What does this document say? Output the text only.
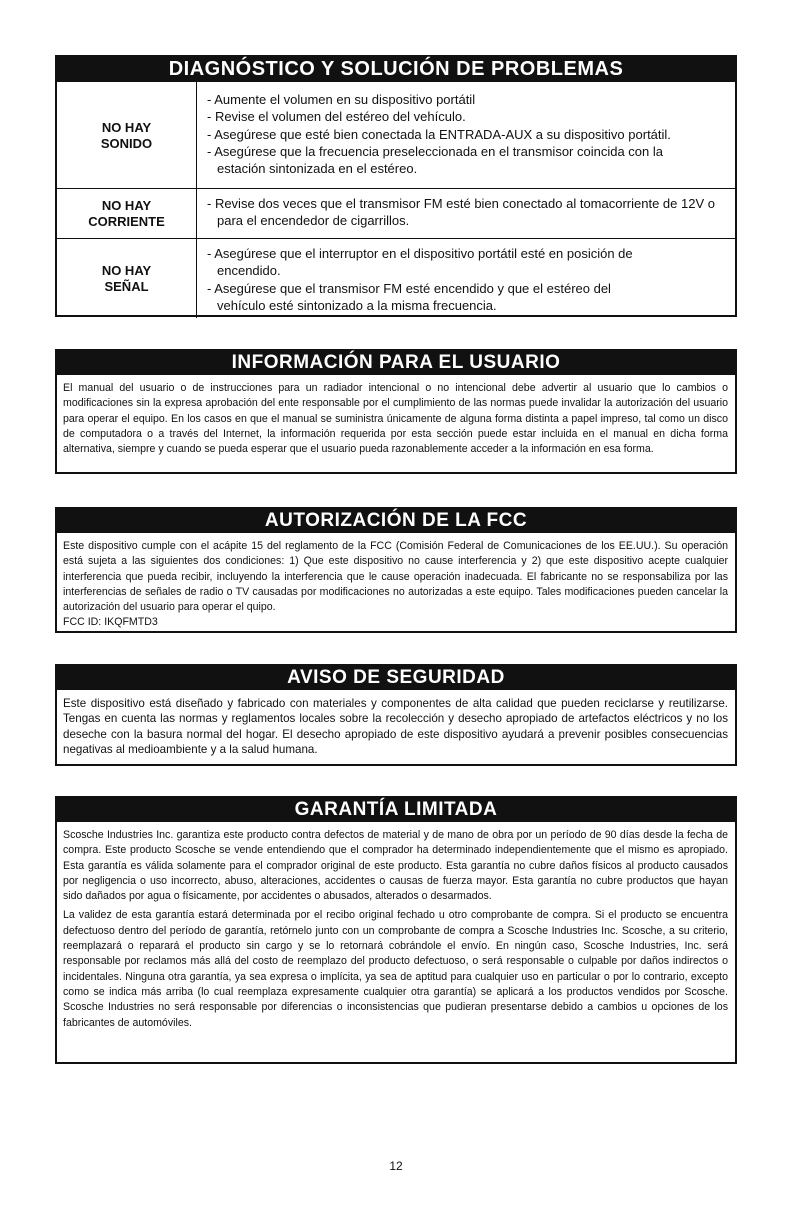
DIAGNÓSTICO Y SOLUCIÓN DE PROBLEMAS
NO HAY
SONIDO
- Aumente el volumen en su dispositivo portátil
- Revise el volumen del estéreo del vehículo.
- Asegúrese que esté bien conectada la ENTRADA-AUX a su dispositivo portátil.
- Asegúrese que la frecuencia preseleccionada en el transmisor coincida con la estación sintonizada en el estéreo.
NO HAY
CORRIENTE
- Revise dos veces que el transmisor FM esté bien conectado al tomacorriente de 12V o para el encendedor de cigarrillos.
NO HAY
SEÑAL
- Asegúrese que el interruptor en el dispositivo portátil esté en posición de encendido.
- Asegúrese que el transmisor FM esté encendido y que el estéreo del vehículo esté sintonizado a la misma frecuencia.
INFORMACIÓN PARA EL USUARIO

El manual del usuario o de instrucciones para un radiador intencional o no intencional debe advertir al usuario que lo cambios o modificaciones sin la expresa aprobación del ente responsable por el cumplimiento de las normas puede invalidar la autorización del usuario para operar el equipo. En los casos en que el manual se suministra únicamente de alguna forma distinta a papel impreso, tal como un disco de computadora o a través del Internet, la información requerida por esta sección puede estar incluida en el manual en dicha forma alternativa, siempre y cuando se pueda esperar que el usuario pueda razonablemente acceder a la información en esa forma.

AUTORIZACIÓN DE LA FCC

Este dispositivo cumple con el acápite 15 del reglamento de la FCC (Comisión Federal de Comunicaciones de los EE.UU.). Su operación está sujeta a las siguientes dos condiciones: 1) Que este dispositivo no cause interferencia y 2) que este dispositivo acepte cualquier interferencia que pueda recibir, incluyendo la interferencia que le cause operación inadecuada. El fabricante no se responsabiliza por las interferencias de señales de radio o TV causadas por modificaciones no autorizadas a este equipo. Tales modificaciones pueden cancelar la autorización del usuario para operar el quipo.

FCC ID: IKQFMTD3

AVISO DE SEGURIDAD

Este dispositivo está diseñado y fabricado con materiales y componentes de alta calidad que pueden reciclarse y reutilizarse. Tengas en cuenta las normas y reglamentos locales sobre la recolección y desecho apropiado de artefactos eléctricos y no los deseche con la basura normal del hogar. El desecho apropiado de este dispositivo ayudará a prevenir posibles consecuencias negativas al medioambiente y a la salud humana.

GARANTÍA LIMITADA

Scosche Industries Inc. garantiza este producto contra defectos de material y de mano de obra por un período de 90 días desde la fecha de compra. Este producto Scosche se vende entendiendo que el comprador ha determinado independientemente que el mismo es apropiado. Esta garantía es válida solamente para el comprador original de este producto. Esta garantía no cubre daños físicos al producto causados por negligencia o uso incorrecto, abuso, alteraciones, accidentes o causas de fuerza mayor. Esta garantía no cubre productos que hayan sido dañados por agua o físicamente, por accidentes o abusados, alterados o desarmados.

La validez de esta garantía estará determinada por el recibo original fechado u otro comprobante de compra. Si el producto se encuentra defectuoso dentro del período de garantía, retórnelo junto con un comprobante de compra a Scosche Industries Inc. Scosche, a su criterio, reemplazará o reparará el producto sin cargo y se lo retornará cobrándole el envío. En ningún caso, Scosche Industries, Inc. será responsable por reclamos más allá del costo de reemplazo del producto defectuoso, o será responsable o culpable por daños indirectos o incidentales. Ninguna otra garantía, ya sea expresa o implícita, ya sea de aptitud para cualquier uso en particular o por lo contrario, excepto como se indica más arriba (lo cual reemplaza expresamente cualquier otra garantía) se aplicará a los productos vendidos por Scosche. Scosche Industries no será responsable por diferencias o inconsistencias que pudieran presentarse debido a cambios u opciones de los fabricantes de automóviles.

12
